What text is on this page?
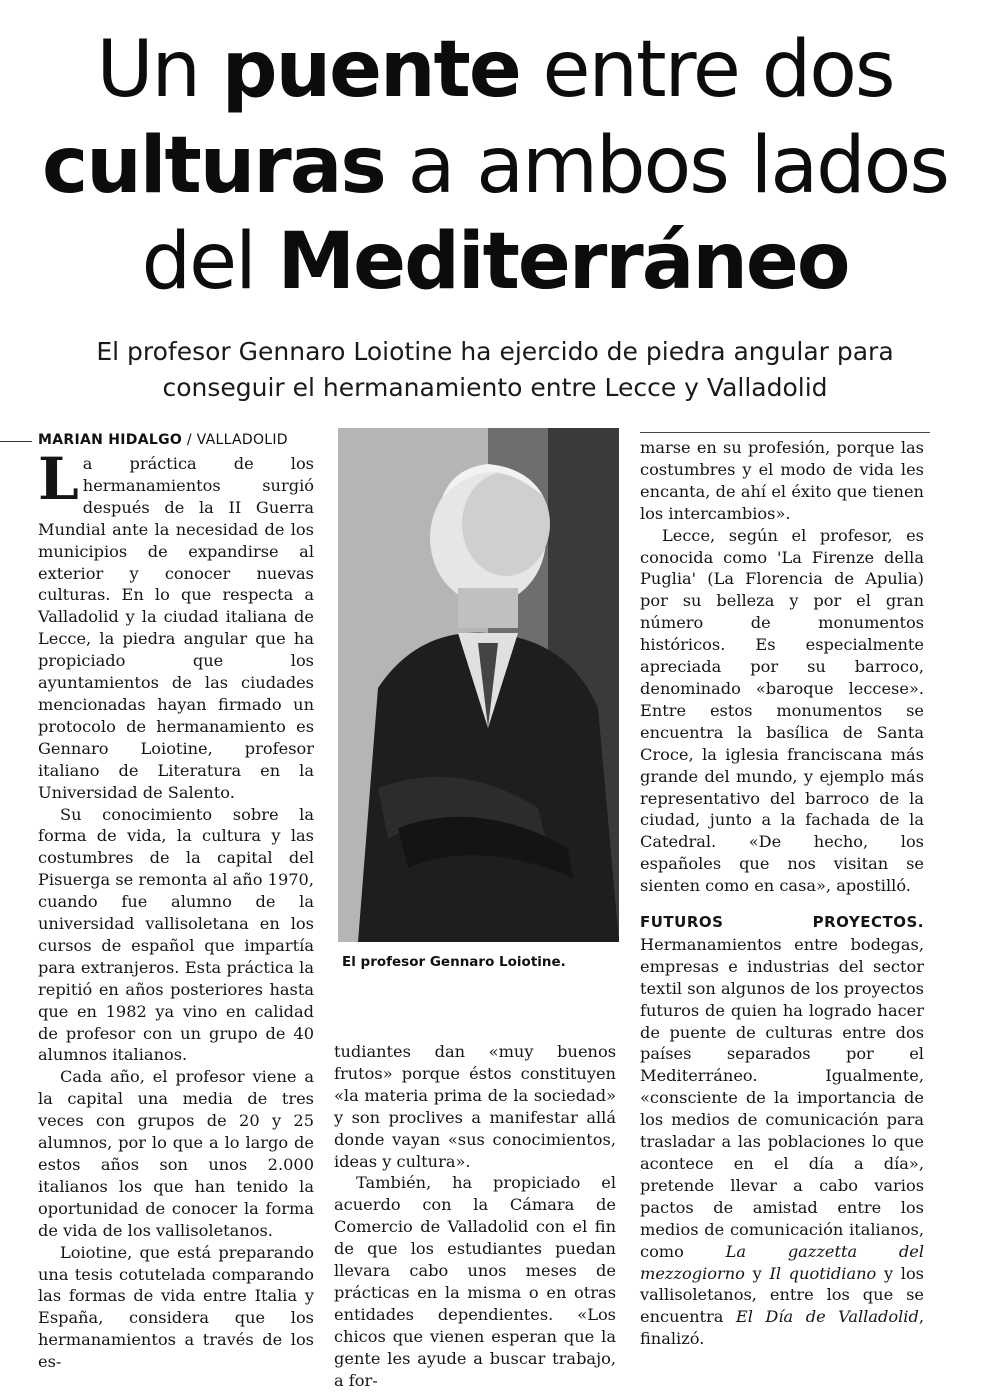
Un puente entre dos
culturas a ambos lados
del Mediterráneo
El profesor Gennaro Loiotine ha ejercido de piedra angular para
conseguir el hermanamiento entre Lecce y Valladolid
MARIAN HIDALGO / VALLADOLID

La práctica de los hermanamientos surgió después de la II Guerra Mundial ante la necesidad de los municipios de expandirse al exterior y conocer nuevas culturas. En lo que respecta a Valladolid y la ciudad italiana de Lecce, la piedra angular que ha propiciado que los ayuntamientos de las ciudades mencionadas hayan firmado un protocolo de hermanamiento es Gennaro Loiotine, profesor italiano de Literatura en la Universidad de Salento.

Su conocimiento sobre la forma de vida, la cultura y las costumbres de la capital del Pisuerga se remonta al año 1970, cuando fue alumno de la universidad vallisoletana en los cursos de español que impartía para extranjeros. Esta práctica la repitió en años posteriores hasta que en 1982 ya vino en calidad de profesor con un grupo de 40 alumnos italianos.

Cada año, el profesor viene a la capital una media de tres veces con grupos de 20 y 25 alumnos, por lo que a lo largo de estos años son unos 2.000 italianos los que han tenido la oportunidad de conocer la forma de vida de los vallisoletanos.

Loiotine, que está preparando una tesis cotutelada comparando las formas de vida entre Italia y España, considera que los hermanamientos a través de los es-

El profesor Gennaro Loiotine.

tudiantes dan «muy buenos frutos» porque éstos constituyen «la materia prima de la sociedad» y son proclives a manifestar allá donde vayan «sus conocimientos, ideas y cultura».

También, ha propiciado el acuerdo con la Cámara de Comercio de Valladolid con el fin de que los estudiantes puedan llevara cabo unos meses de prácticas en la misma o en otras entidades dependientes. «Los chicos que vienen esperan que la gente les ayude a buscar trabajo, a for-

marse en su profesión, porque las costumbres y el modo de vida les encanta, de ahí el éxito que tienen los intercambios».

Lecce, según el profesor, es conocida como 'La Firenze della Puglia' (La Florencia de Apulia) por su belleza y por el gran número de monumentos históricos. Es especialmente apreciada por su barroco, denominado «baroque leccese». Entre estos monumentos se encuentra la basílica de Santa Croce, la iglesia franciscana más grande del mundo, y ejemplo más representativo del barroco de la ciudad, junto a la fachada de la Catedral. «De hecho, los españoles que nos visitan se sienten como en casa», apostilló.

FUTUROS PROYECTOS. Hermanamientos entre bodegas, empresas e industrias del sector textil son algunos de los proyectos futuros de quien ha logrado hacer de puente de culturas entre dos países separados por el Mediterráneo. Igualmente, «consciente de la importancia de los medios de comunicación para trasladar a las poblaciones lo que acontece en el día a día», pretende llevar a cabo varios pactos de amistad entre los medios de comunicación italianos, como La gazzetta del mezzogiorno y Il quotidiano y los vallisoletanos, entre los que se encuentra El Día de Valladolid, finalizó.
